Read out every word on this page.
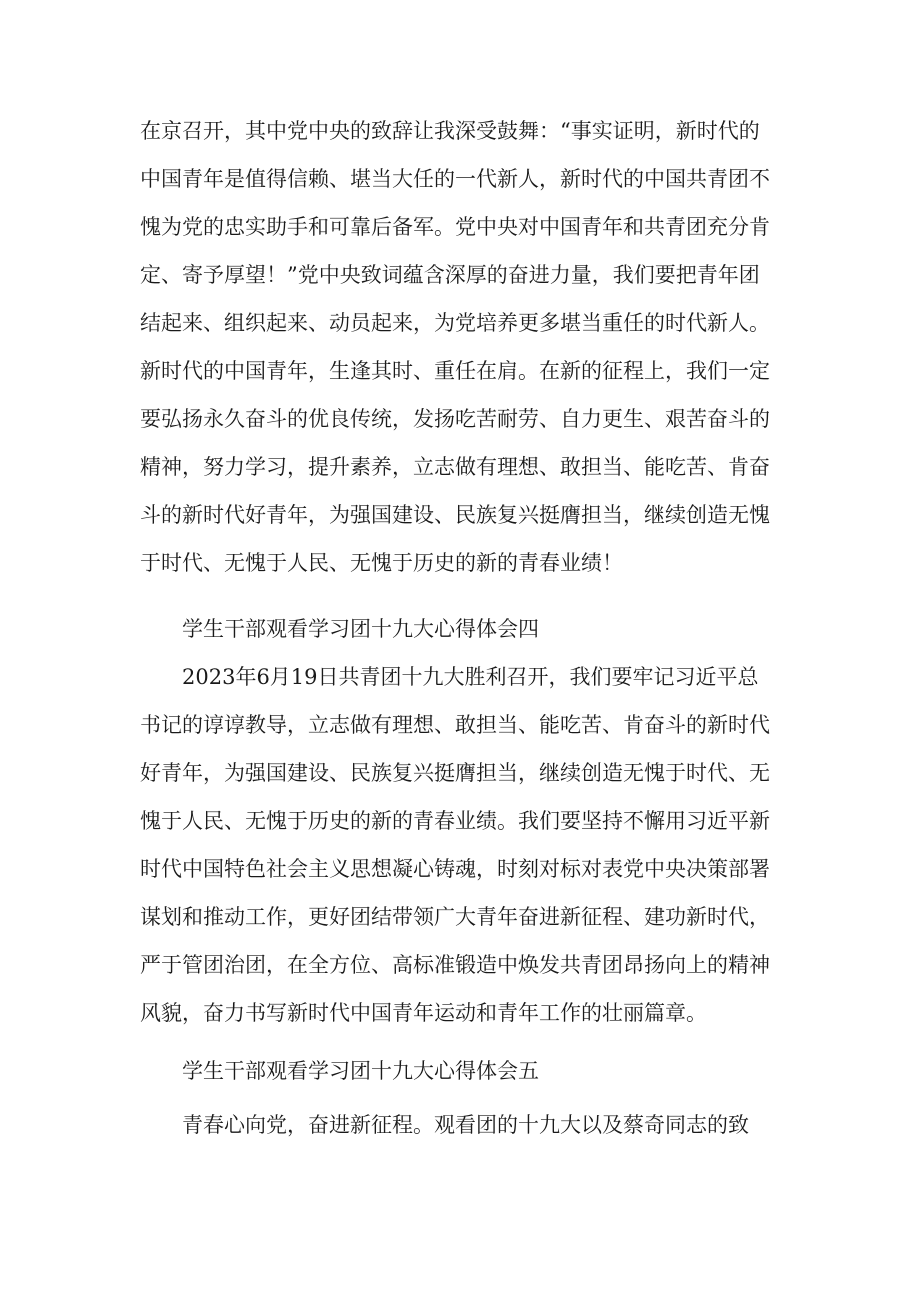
在京召开，其中党中央的致辞让我深受鼓舞：“事实证明，新时代的
中国青年是值得信赖、堪当大任的一代新人，新时代的中国共青团不
愧为党的忠实助手和可靠后备军。党中央对中国青年和共青团充分肯
定、寄予厚望！”党中央致词蕴含深厚的奋进力量，我们要把青年团
结起来、组织起来、动员起来，为党培养更多堪当重任的时代新人。
新时代的中国青年，生逢其时、重任在肩。在新的征程上，我们一定
要弘扬永久奋斗的优良传统，发扬吃苦耐劳、自力更生、艰苦奋斗的
精神，努力学习，提升素养，立志做有理想、敢担当、能吃苦、肯奋
斗的新时代好青年，为强国建设、民族复兴挺膺担当，继续创造无愧
于时代、无愧于人民、无愧于历史的新的青春业绩！
学生干部观看学习团十九大心得体会四
2023年6月19日共青团十九大胜利召开，我们要牢记习近平总
书记的谆谆教导，立志做有理想、敢担当、能吃苦、肯奋斗的新时代
好青年，为强国建设、民族复兴挺膺担当，继续创造无愧于时代、无
愧于人民、无愧于历史的新的青春业绩。我们要坚持不懈用习近平新
时代中国特色社会主义思想凝心铸魂，时刻对标对表党中央决策部署
谋划和推动工作，更好团结带领广大青年奋进新征程、建功新时代，
严于管团治团，在全方位、高标准锻造中焕发共青团昂扬向上的精神
风貌，奋力书写新时代中国青年运动和青年工作的壮丽篇章。
学生干部观看学习团十九大心得体会五
青春心向党，奋进新征程。观看团的十九大以及蔡奇同志的致
